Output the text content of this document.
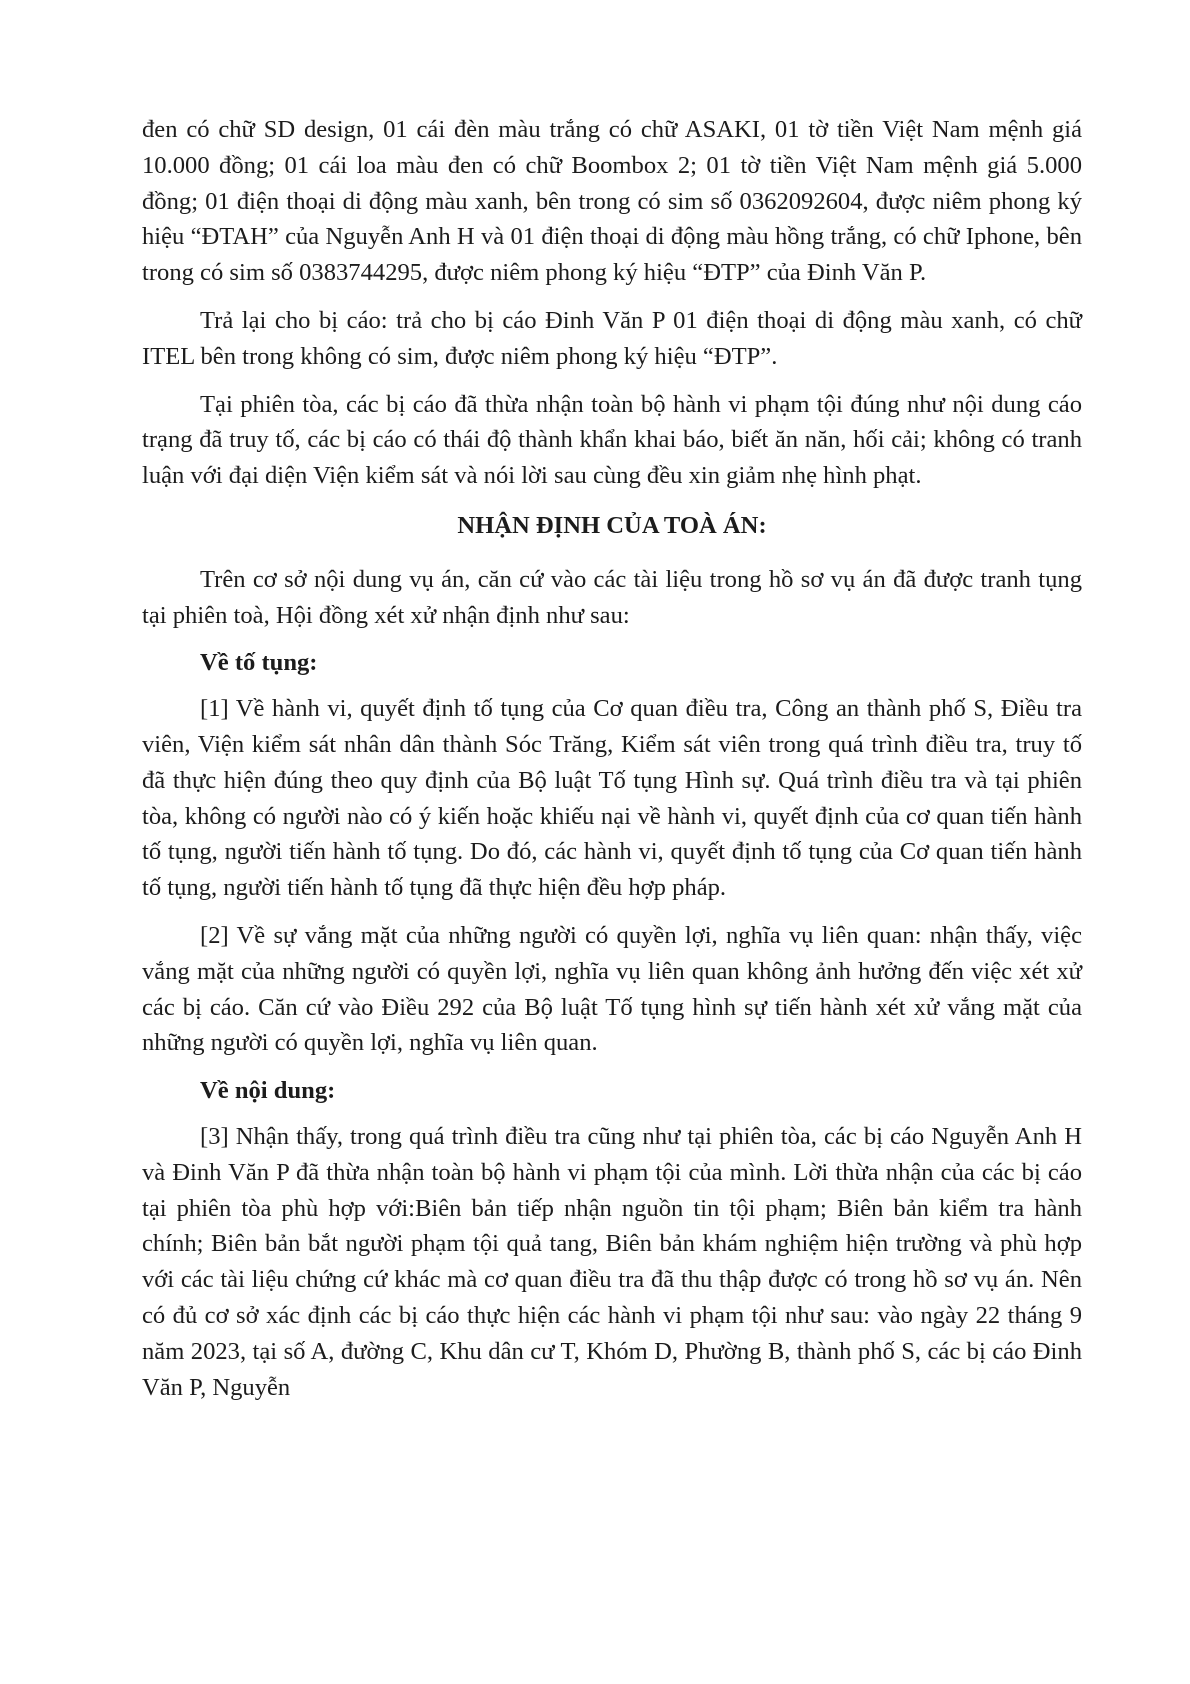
đen có chữ SD design, 01 cái đèn màu trắng có chữ ASAKI, 01 tờ tiền Việt Nam mệnh giá 10.000 đồng; 01 cái loa màu đen có chữ Boombox 2; 01 tờ tiền Việt Nam mệnh giá 5.000 đồng; 01 điện thoại di động màu xanh, bên trong có sim số 0362092604, được niêm phong ký hiệu “ĐTAH” của Nguyễn Anh H và 01 điện thoại di động màu hồng trắng, có chữ Iphone, bên trong có sim số 0383744295, được niêm phong ký hiệu “ĐTP” của Đinh Văn P.

Trả lại cho bị cáo: trả cho bị cáo Đinh Văn P 01 điện thoại di động màu xanh, có chữ ITEL bên trong không có sim, được niêm phong ký hiệu “ĐTP”.

Tại phiên tòa, các bị cáo đã thừa nhận toàn bộ hành vi phạm tội đúng như nội dung cáo trạng đã truy tố, các bị cáo có thái độ thành khẩn khai báo, biết ăn năn, hối cải; không có tranh luận với đại diện Viện kiểm sát và nói lời sau cùng đều xin giảm nhẹ hình phạt.

NHẬN ĐỊNH CỦA TOÀ ÁN:

Trên cơ sở nội dung vụ án, căn cứ vào các tài liệu trong hồ sơ vụ án đã được tranh tụng tại phiên toà, Hội đồng xét xử nhận định như sau:

Về tố tụng:

[1] Về hành vi, quyết định tố tụng của Cơ quan điều tra, Công an thành phố S, Điều tra viên, Viện kiểm sát nhân dân thành Sóc Trăng, Kiểm sát viên trong quá trình điều tra, truy tố đã thực hiện đúng theo quy định của Bộ luật Tố tụng Hình sự. Quá trình điều tra và tại phiên tòa, không có người nào có ý kiến hoặc khiếu nại về hành vi, quyết định của cơ quan tiến hành tố tụng, người tiến hành tố tụng. Do đó, các hành vi, quyết định tố tụng của Cơ quan tiến hành tố tụng, người tiến hành tố tụng đã thực hiện đều hợp pháp.

[2] Về sự vắng mặt của những người có quyền lợi, nghĩa vụ liên quan: nhận thấy, việc vắng mặt của những người có quyền lợi, nghĩa vụ liên quan không ảnh hưởng đến việc xét xử các bị cáo. Căn cứ vào Điều 292 của Bộ luật Tố tụng hình sự tiến hành xét xử vắng mặt của những người có quyền lợi, nghĩa vụ liên quan.

Về nội dung:

[3] Nhận thấy, trong quá trình điều tra cũng như tại phiên tòa, các bị cáo Nguyễn Anh H và Đinh Văn P đã thừa nhận toàn bộ hành vi phạm tội của mình. Lời thừa nhận của các bị cáo tại phiên tòa phù hợp với:Biên bản tiếp nhận nguồn tin tội phạm; Biên bản kiểm tra hành chính; Biên bản bắt người phạm tội quả tang, Biên bản khám nghiệm hiện trường và phù hợp với các tài liệu chứng cứ khác mà cơ quan điều tra đã thu thập được có trong hồ sơ vụ án. Nên có đủ cơ sở xác định các bị cáo thực hiện các hành vi phạm tội như sau: vào ngày 22 tháng 9 năm 2023, tại số A, đường C, Khu dân cư T, Khóm D, Phường B, thành phố S, các bị cáo Đinh Văn P, Nguyễn
